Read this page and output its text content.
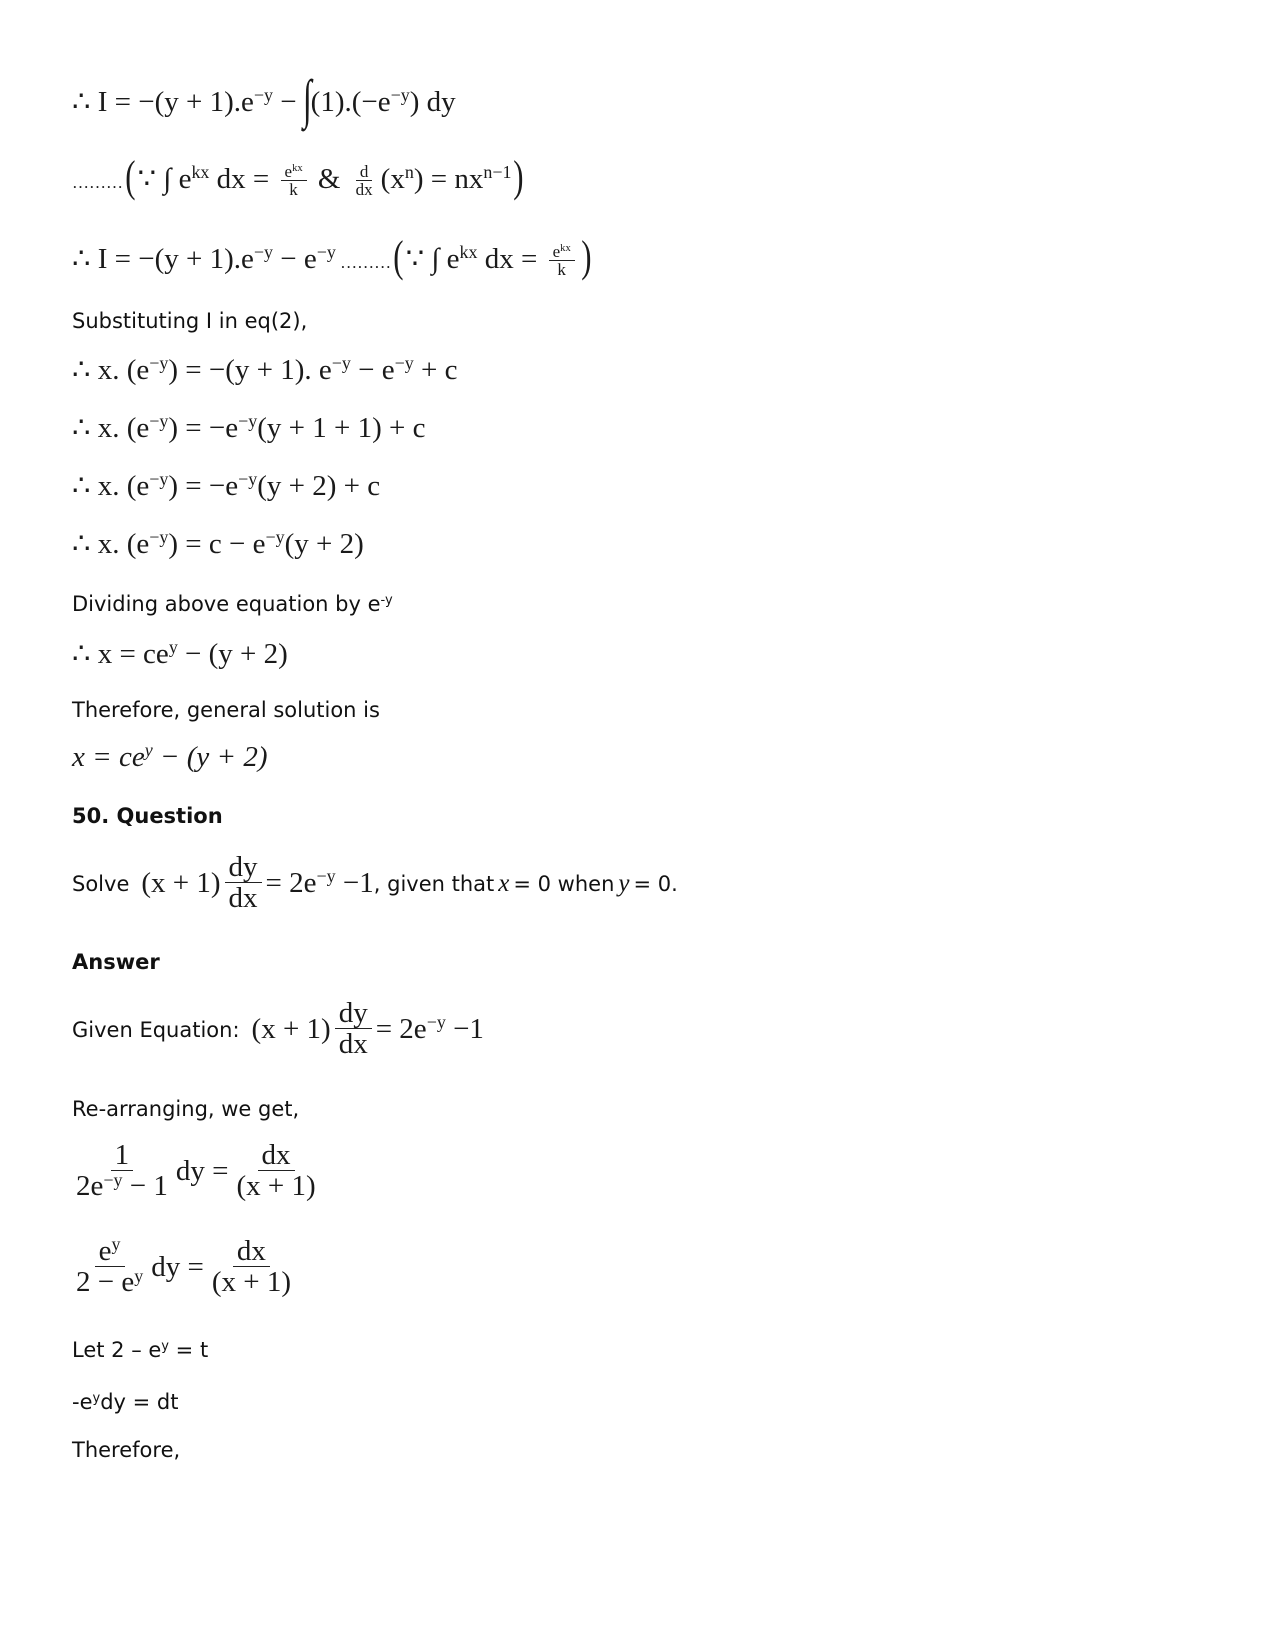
∴ $I = -(y + 1).e^{-y} - \int(1).(-e^{-y})$ dy
………(∵ ∫ $e^{kx}$ dx = $\frac{e^{kx}}{k}$ & $\frac{d}{dx} (x^n) = nx^{n-1}$)
∴ $I = -(y + 1).e^{-y} - e^{-y}$ ………(∵ ∫ $e^{kx}$ dx = $\frac{e^{kx}}{k}$ )
Substituting I in eq(2),
∴ x. $(e^{-y}) = -(y + 1)$. $e^{-y} - e^{-y} + c$
∴ x. $(e^{-y}) = -e^{-y}(y + 1 + 1) + c$
∴ x. $(e^{-y}) = -e^{-y}(y + 2) + c$
∴ x. $(e^{-y}) = c - e^{-y}(y + 2)$
Dividing above equation by $e^{-y}$
∴ $x = ce^y - (y + 2)$
Therefore, general solution is
$x = ce^y - (y + 2)$
50. Question
Solve $(x + 1) \frac{dy}{dx} = 2e^{-y} -1$ , given that x = 0 when y = 0.
Answer
Given Equation: $(x + 1) \frac{dy}{dx} = 2e^{-y} -1$
Re-arranging, we get,
$\frac{1}{2e^{-y} - 1}$ dy = $\frac{dx}{(x + 1)}$
$\frac{e^y}{2 - e^y}$ dy = $\frac{dx}{(x + 1)}$
Let $2 - e^y = t$
$-e^ydy$ = dt
Therefore,
